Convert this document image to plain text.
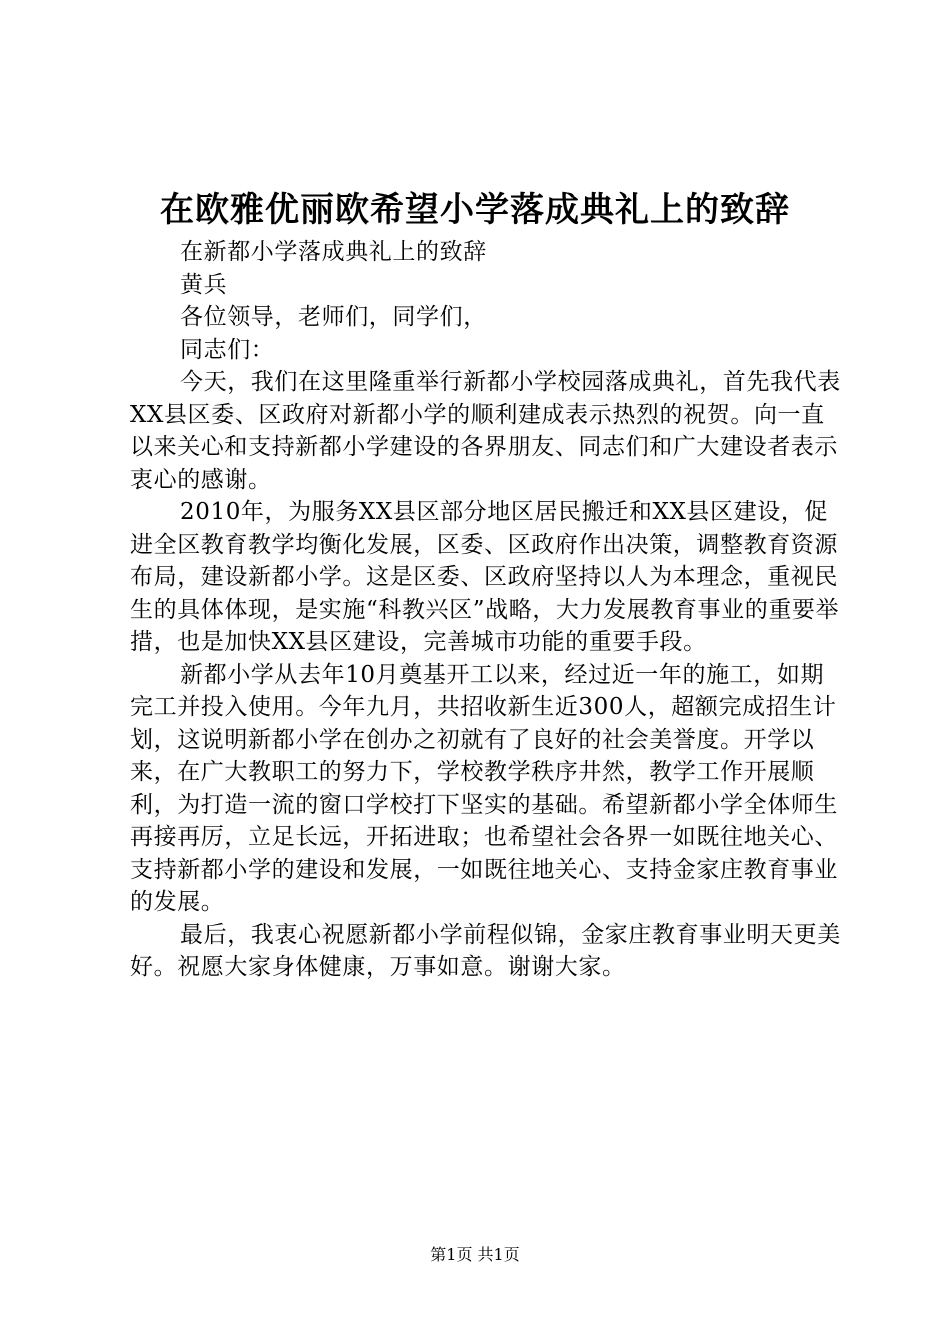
在欧雅优丽欧希望小学落成典礼上的致辞

在新都小学落成典礼上的致辞

黄兵

各位领导，老师们，同学们，

同志们：

今天，我们在这里隆重举行新都小学校园落成典礼，首先我代表XX县区委、区政府对新都小学的顺利建成表示热烈的祝贺。向一直以来关心和支持新都小学建设的各界朋友、同志们和广大建设者表示衷心的感谢。

2010年，为服务XX县区部分地区居民搬迁和XX县区建设，促进全区教育教学均衡化发展，区委、区政府作出决策，调整教育资源布局，建设新都小学。这是区委、区政府坚持以人为本理念，重视民生的具体体现，是实施“科教兴区”战略，大力发展教育事业的重要举措，也是加快XX县区建设，完善城市功能的重要手段。

新都小学从去年10月奠基开工以来，经过近一年的施工，如期完工并投入使用。今年九月，共招收新生近300人，超额完成招生计划，这说明新都小学在创办之初就有了良好的社会美誉度。开学以来，在广大教职工的努力下，学校教学秩序井然，教学工作开展顺利，为打造一流的窗口学校打下坚实的基础。希望新都小学全体师生再接再厉，立足长远，开拓进取；也希望社会各界一如既往地关心、支持新都小学的建设和发展，一如既往地关心、支持金家庄教育事业的发展。

最后，我衷心祝愿新都小学前程似锦，金家庄教育事业明天更美好。祝愿大家身体健康，万事如意。谢谢大家。

第1页 共1页
